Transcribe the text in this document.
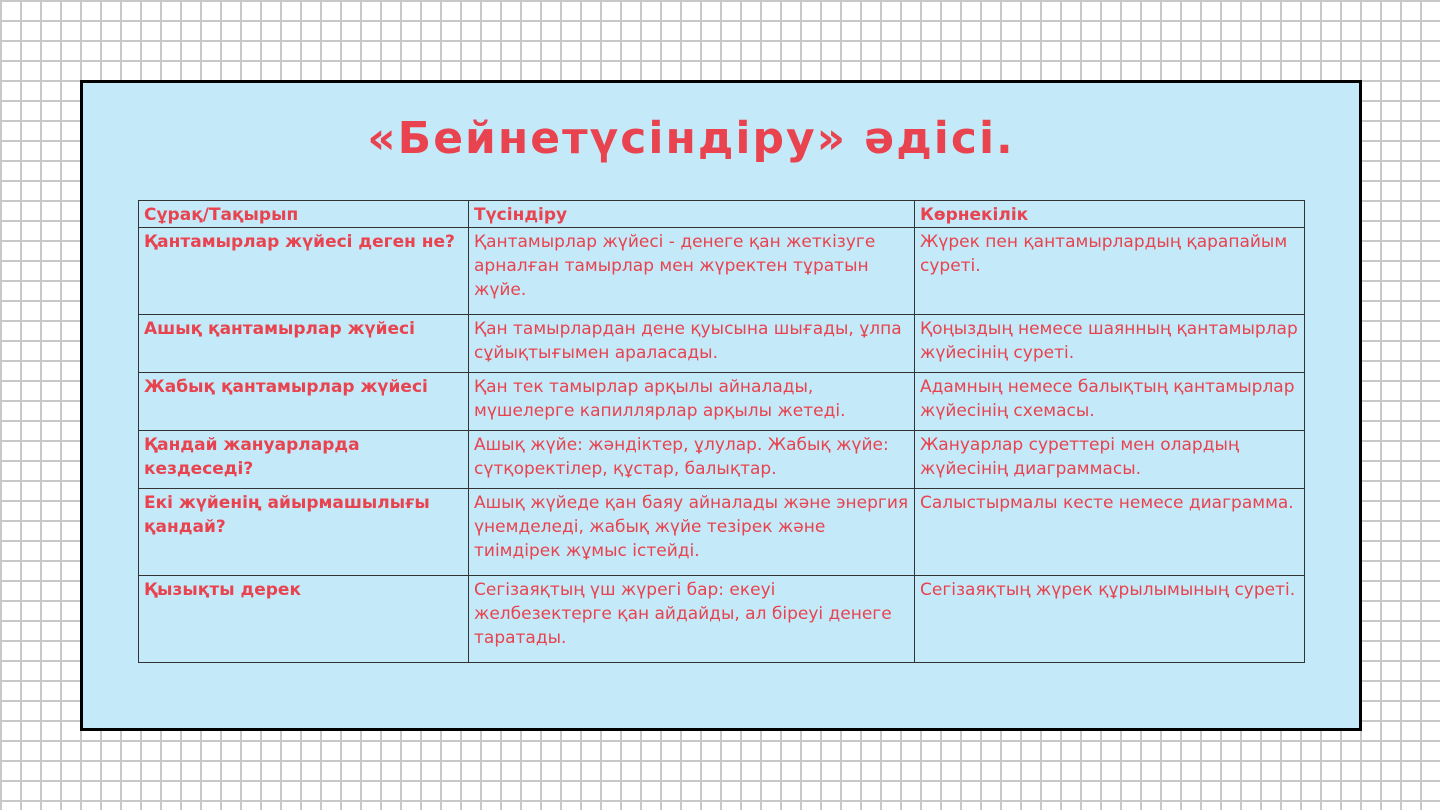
«Бейнетүсіндіру» әдісі.
Сұрақ/Тақырып	Түсіндіру	Көрнекілік
Қантамырлар жүйесі деген не?	Қантамырлар жүйесі - денеге қан жеткізуге арналған тамырлар мен жүректен тұратын жүйе.	Жүрек пен қантамырлардың қарапайым суреті.
Ашық қантамырлар жүйесі	Қан тамырлардан дене қуысына шығады, ұлпа сұйықтығымен араласады.	Қоңыздың немесе шаянның қантамырлар жүйесінің суреті.
Жабық қантамырлар жүйесі	Қан тек тамырлар арқылы айналады, мүшелерге капиллярлар арқылы жетеді.	Адамның немесе балықтың қантамырлар жүйесінің схемасы.
Қандай жануарларда кездеседі?	Ашық жүйе: жәндіктер, ұлулар. Жабық жүйе: сүтқоректілер, құстар, балықтар.	Жануарлар суреттері мен олардың жүйесінің диаграммасы.
Екі жүйенің айырмашылығы қандай?	Ашық жүйеде қан баяу айналады және энергия үнемделеді, жабық жүйе тезірек және тиімдірек жұмыс істейді.	Салыстырмалы кесте немесе диаграмма.
Қызықты дерек	Сегізаяқтың үш жүрегі бар: екеуі желбезектерге қан айдайды, ал біреуі денеге таратады.	Сегізаяқтың жүрек құрылымының суреті.
